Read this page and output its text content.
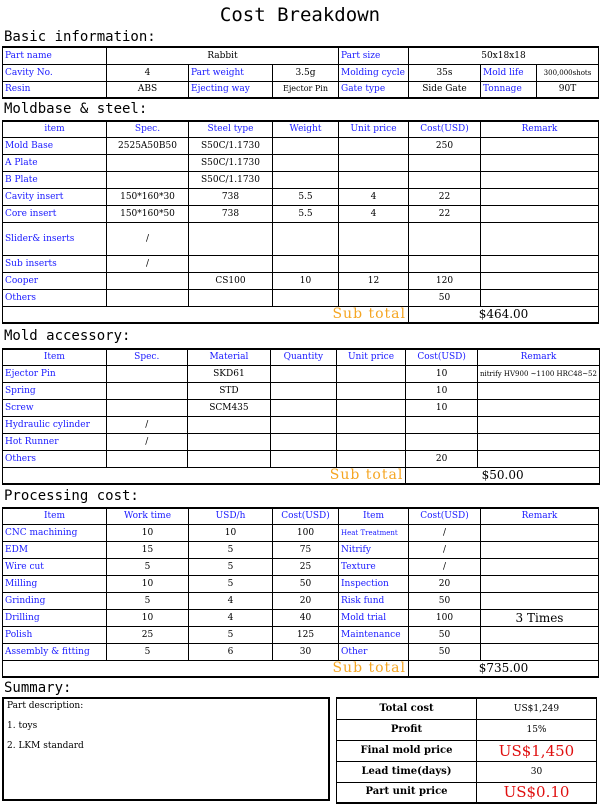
Cost Breakdown
Basic information:
Part name	Rabbit			Part size	50x18x18		
Cavity No.	4	Part weight	3.5g	Molding cycle	35s	Mold life	300,000shots
Resin	ABS	Ejecting way	Ejector Pin	Gate type	Side Gate	Tonnage	90T
Moldbase & steel:
item	Spec.	Steel type	Weight	Unit price	Cost(USD)	Remark
Mold Base	2525A50B50	S50C/1.1730			250	
A Plate		S50C/1.1730				
B Plate		S50C/1.1730				
Cavity insert	150*160*30	738	5.5	4	22	
Core insert	150*160*50	738	5.5	4	22	
Slider& inserts	/					
Sub inserts	/					
Cooper		CS100	10	12	120	
Others					50	
Sub total					$464.00	
Mold accessory:
Item	Spec.	Material	Quantity	Unit price	Cost(USD)	Remark
Ejector Pin		SKD61			10	nitrify HV900 ~1100 HRC48~52
Spring		STD			10	
Screw		SCM435			10	
Hydraulic cylinder	/					
Hot Runner	/					
Others					20	
Sub total					$50.00	
Processing cost:
Item	Work time	USD/h	Cost(USD)	Item	Cost(USD)	Remark
CNC machining	10	10	100	Heat Treatment	/	
EDM	15	5	75	Nitrify	/	
Wire cut	5	5	25	Texture	/	
Milling	10	5	50	Inspection	20	
Grinding	5	4	20	Risk fund	50	
Drilling	10	4	40	Mold trial	100	3 Times
Polish	25	5	125	Maintenance	50	
Assembly & fitting	5	6	30	Other	50	
Sub total					$735.00	
Summary:
Part description:
1. toys
2. LKM standard
Total cost	US$1,249
Profit	15%
Final mold price	US$1,450
Lead time(days)	30
Part unit price	US$0.10
